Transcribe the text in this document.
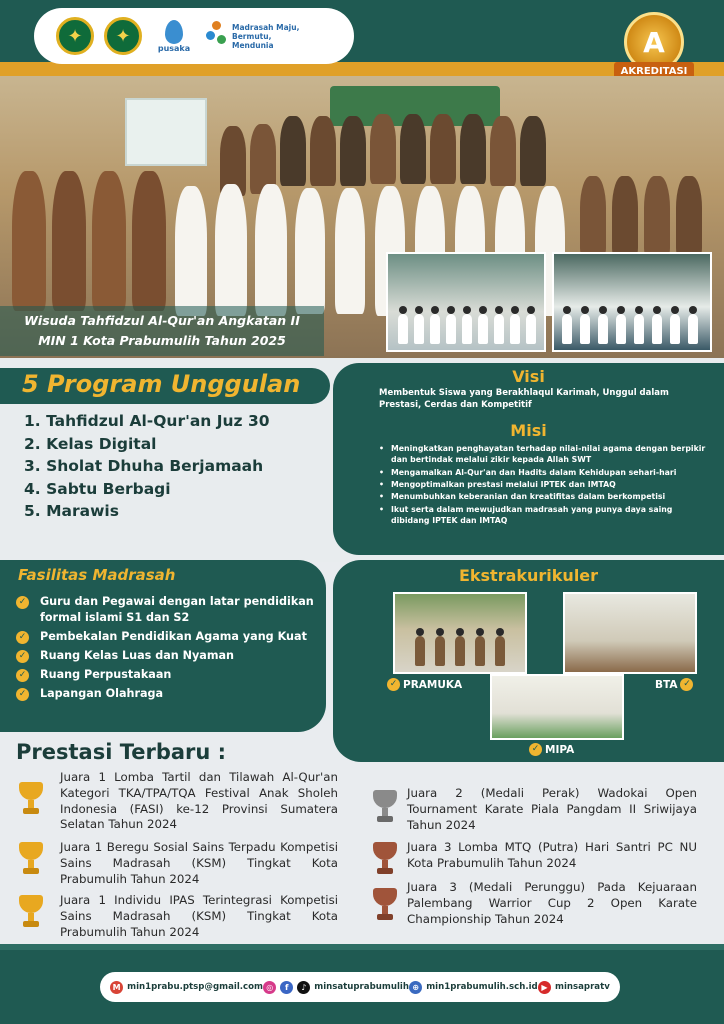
✦	✦
pusaka
Madrasah Maju, Bermutu, Mendunia	A
AKREDITASI
Wisuda Tahfidzul Al-Qur'an Angkatan II
MIN 1 Kota Prabumulih Tahun 2025
5 Program Unggulan
1. Tahfidzul Al-Qur'an Juz 30
2. Kelas Digital
3. Sholat Dhuha Berjamaah
4. Sabtu Berbagi
5. Marawis
Visi
Membentuk Siswa yang Berakhlaqul Karimah, Unggul dalam Prestasi, Cerdas dan Kompetitif
Misi
• Meningkatkan penghayatan terhadap nilai-nilai agama dengan berpikir dan bertindak melalui zikir kepada Allah SWT
• Mengamalkan Al-Qur'an dan Hadits dalam Kehidupan sehari-hari
• Mengoptimalkan prestasi melalui IPTEK dan IMTAQ
• Menumbuhkan keberanian dan kreatifitas dalam berkompetisi
• Ikut serta dalam mewujudkan madrasah yang punya daya saing dibidang IPTEK dan IMTAQ
Fasilitas Madrasah
✓ Guru dan Pegawai dengan latar pendidikan formal islami S1 dan S2
✓ Pembekalan Pendidikan Agama yang Kuat
✓ Ruang Kelas Luas dan Nyaman
✓ Ruang Perpustakaan
✓ Lapangan Olahraga
Ekstrakurikuler
✓ PRAMUKA	BTA ✓
✓ MIPA
Prestasi Terbaru :
Juara 1 Lomba Tartil dan Tilawah Al-Qur'an Kategori TKA/TPA/TQA Festival Anak Sholeh Indonesia (FASI) ke-12 Provinsi Sumatera Selatan Tahun 2024
Juara 1 Beregu Sosial Sains Terpadu Kompetisi Sains Madrasah (KSM) Tingkat Kota Prabumulih Tahun 2024
Juara 1 Individu IPAS Terintegrasi Kompetisi Sains Madrasah (KSM) Tingkat Kota Prabumulih Tahun 2024
Juara 2 (Medali Perak) Wadokai Open Tournament Karate Piala Pangdam II Sriwijaya Tahun 2024
Juara 3 Lomba MTQ (Putra) Hari Santri PC NU Kota Prabumulih Tahun 2024
Juara 3 (Medali Perunggu) Pada Kejuaraan Palembang Warrior Cup 2 Open Karate Championship Tahun 2024
M min1prabu.ptsp@gmail.com ◎	f	♪ minsatuprabumulih ⊕ min1prabumulih.sch.id ▶ minsapratv
